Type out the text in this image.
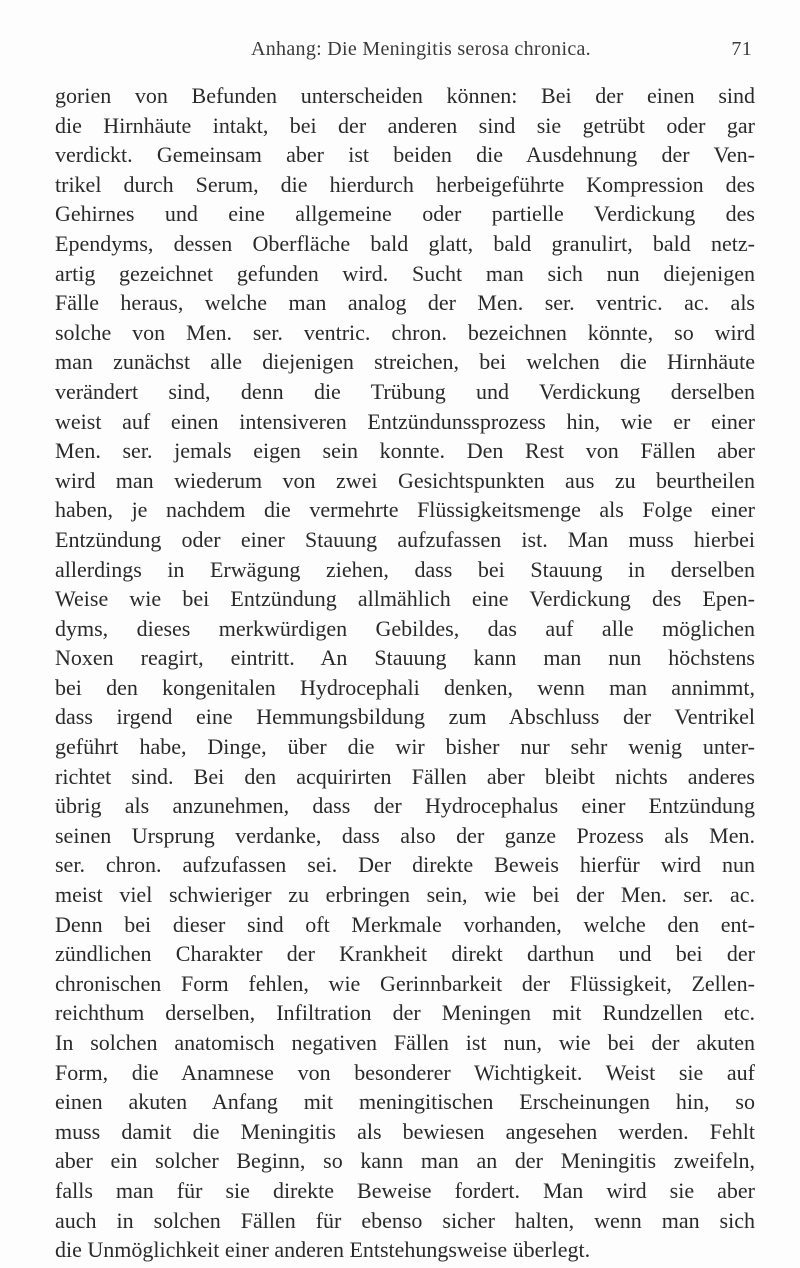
Anhang: Die Meningitis serosa chronica.	71
gorien von Befunden unterscheiden können: Bei der einen sind
die Hirnhäute intakt, bei der anderen sind sie getrübt oder gar
verdickt. Gemeinsam aber ist beiden die Ausdehnung der Ven-
trikel durch Serum, die hierdurch herbeigeführte Kompression des
Gehirnes und eine allgemeine oder partielle Verdickung des
Ependyms, dessen Oberfläche bald glatt, bald granulirt, bald netz-
artig gezeichnet gefunden wird. Sucht man sich nun diejenigen
Fälle heraus, welche man analog der Men. ser. ventric. ac. als
solche von Men. ser. ventric. chron. bezeichnen könnte, so wird
man zunächst alle diejenigen streichen, bei welchen die Hirnhäute
verändert sind, denn die Trübung und Verdickung derselben
weist auf einen intensiveren Entzündunssprozess hin, wie er einer
Men. ser. jemals eigen sein konnte. Den Rest von Fällen aber
wird man wiederum von zwei Gesichtspunkten aus zu beurtheilen
haben, je nachdem die vermehrte Flüssigkeitsmenge als Folge einer
Entzündung oder einer Stauung aufzufassen ist. Man muss hierbei
allerdings in Erwägung ziehen, dass bei Stauung in derselben
Weise wie bei Entzündung allmählich eine Verdickung des Epen-
dyms, dieses merkwürdigen Gebildes, das auf alle möglichen
Noxen reagirt, eintritt. An Stauung kann man nun höchstens
bei den kongenitalen Hydrocephali denken, wenn man annimmt,
dass irgend eine Hemmungsbildung zum Abschluss der Ventrikel
geführt habe, Dinge, über die wir bisher nur sehr wenig unter-
richtet sind. Bei den acquirirten Fällen aber bleibt nichts anderes
übrig als anzunehmen, dass der Hydrocephalus einer Entzündung
seinen Ursprung verdanke, dass also der ganze Prozess als Men.
ser. chron. aufzufassen sei. Der direkte Beweis hierfür wird nun
meist viel schwieriger zu erbringen sein, wie bei der Men. ser. ac.
Denn bei dieser sind oft Merkmale vorhanden, welche den ent-
zündlichen Charakter der Krankheit direkt darthun und bei der
chronischen Form fehlen, wie Gerinnbarkeit der Flüssigkeit, Zellen-
reichthum derselben, Infiltration der Meningen mit Rundzellen etc.
In solchen anatomisch negativen Fällen ist nun, wie bei der akuten
Form, die Anamnese von besonderer Wichtigkeit. Weist sie auf
einen akuten Anfang mit meningitischen Erscheinungen hin, so
muss damit die Meningitis als bewiesen angesehen werden. Fehlt
aber ein solcher Beginn, so kann man an der Meningitis zweifeln,
falls man für sie direkte Beweise fordert. Man wird sie aber
auch in solchen Fällen für ebenso sicher halten, wenn man sich
die Unmöglichkeit einer anderen Entstehungsweise überlegt.
